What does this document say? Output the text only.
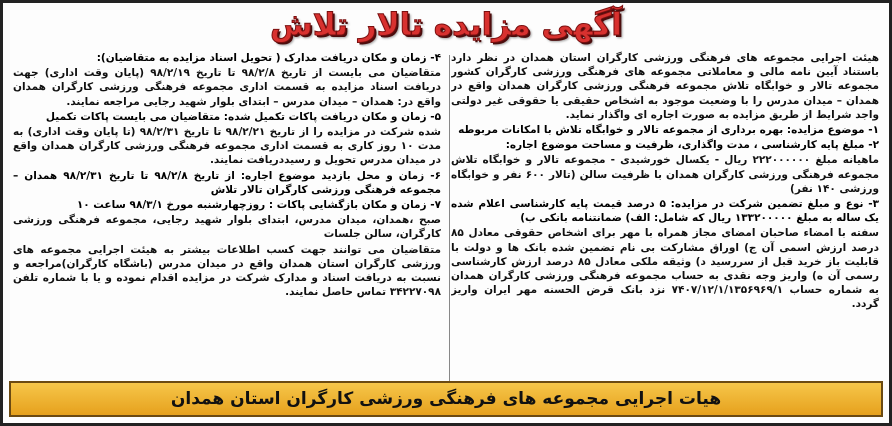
آگهی مزایده تالار تلاش

هیئت اجرایی مجموعه های فرهنگی ورزشی کارگران استان همدان در نظر دارد باستناد آیین نامه مالی و معاملاتی مجموعه های فرهنگی ورزشی کارگران کشور مجموعه تالار و خوابگاه تلاش مجموعه فرهنگی ورزشی کارگران همدان واقع در همدان – میدان مدرس را با وضعیت موجود به اشخاص حقیقی یا حقوقی غیر دولتی واجد شرایط از طریق مزایده به صورت اجاره ای واگذار نماید.

۱- موضوع مزایده: بهره برداری از مجموعه تالار و خوابگاه تلاش با امکانات مربوطه

۲- مبلغ پایه کارشناسی ، مدت واگذاری، ظرفیت و مساحت موضوع اجاره:

ماهیانه مبلغ ۲۲۲۰۰۰۰۰۰ ریال - یکسال خورشیدی - مجموعه تالار و خوابگاه تلاش مجموعه فرهنگی ورزشی کارگران همدان با ظرفیت سالن (تالار ۶۰۰ نفر و خوابگاه ورزشی ۱۴۰ نفر)

۳- نوع و مبلغ تضمین شرکت در مزایده: ۵ درصد قیمت پایه کارشناسی اعلام شده یک ساله به مبلغ ۱۳۳۲۰۰۰۰۰ ریال که شامل: الف) ضمانتنامه بانکی ب)

سفته با امضاء صاحبان امضای مجاز همراه با مهر برای اشخاص حقوقی معادل ۸۵ درصد ارزش اسمی آن ج) اوراق مشارکت بی نام تضمین شده بانک ها و دولت با قابلیت باز خرید قبل از سررسید د) وثیقه ملکی معادل ۸۵ درصد ارزش کارشناسی رسمی آن ه) واریز وجه نقدی به حساب مجموعه فرهنگی ورزشی کارگران همدان به شماره حساب ۷۴۰۷/۱۲/۱/۱۳۵۶۹۶۹/۱ نزد بانک قرض الحسنه مهر ایران واریز گردد.

۴- زمان و مکان دریافت مدارک ( تحویل اسناد مزایده به متقاضیان):

متقاضیان می بایست از تاریخ ۹۸/۲/۸ تا تاریخ ۹۸/۲/۱۹ (پایان وقت اداری) جهت دریافت اسناد مزایده به قسمت اداری مجموعه فرهنگی ورزشی کارگران همدان واقع در: همدان – میدان مدرس – ابتدای بلوار شهید رجایی مراجعه نمایند.

۵- زمان و مکان دریافت پاکات تکمیل شده: متقاضیان می بایست پاکات تکمیل

شده شرکت در مزایده را از تاریخ ۹۸/۲/۲۱ تا تاریخ ۹۸/۲/۳۱ (تا پایان وقت اداری) به مدت ۱۰ روز کاری به قسمت اداری مجموعه فرهنگی ورزشی کارگران همدان واقع در میدان مدرس تحویل و رسیددریافت نمایند.

۶- زمان و محل بازدید موضوع اجاره: از تاریخ ۹۸/۲/۸ تا تاریخ ۹۸/۲/۳۱ همدان – مجموعه فرهنگی ورزشی کارگران تالار تلاش

۷- زمان و مکان بازگشایی پاکات : روزچهارشنبه مورخ ۹۸/۳/۱ ساعت ۱۰

صبح ،همدان، میدان مدرس، ابتدای بلوار شهید رجایی، مجموعه فرهنگی ورزشی کارگران، سالن جلسات

متقاضیان می توانند جهت کسب اطلاعات بیشتر به هیئت اجرایی مجموعه های ورزشی کارگران استان همدان واقع در میدان مدرس (باشگاه کارگران)مراجعه و نسبت به دریافت اسناد و مدارک شرکت در مزایده اقدام نموده و یا با شماره تلفن ۳۴۲۲۷۰۹۸ تماس حاصل نمایند.

هیات اجرایی مجموعه های فرهنگی ورزشی کارگران استان همدان
